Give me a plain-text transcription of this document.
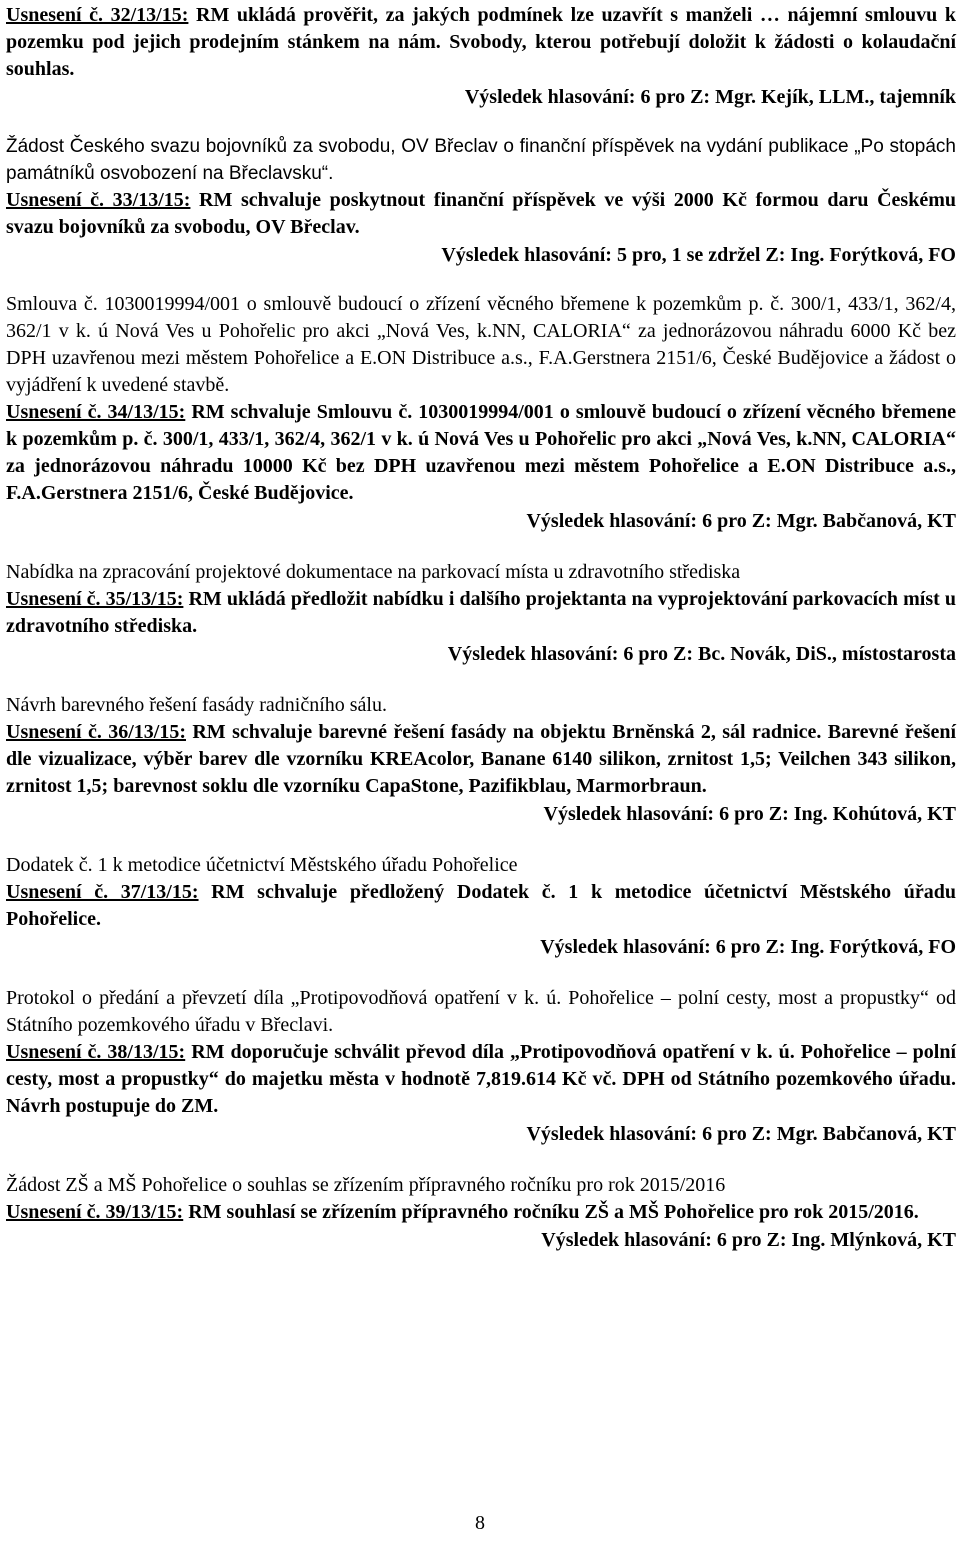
Usnesení č. 32/13/15: RM ukládá prověřit, za jakých podmínek lze uzavřít s manželi … nájemní smlouvu k pozemku pod jejich prodejním stánkem na nám. Svobody, kterou potřebují doložit k žádosti o kolaudační souhlas.

Výsledek hlasování: 6 pro Z: Mgr. Kejík, LLM., tajemník

Žádost Českého svazu bojovníků za svobodu, OV Břeclav o finanční příspěvek na vydání publikace „Po stopách památníků osvobození na Břeclavsku“.

Usnesení č. 33/13/15: RM schvaluje poskytnout finanční příspěvek ve výši 2000 Kč formou daru Českému svazu bojovníků za svobodu, OV Břeclav.

Výsledek hlasování: 5 pro, 1 se zdržel Z: Ing. Forýtková, FO

Smlouva č. 1030019994/001 o smlouvě budoucí o zřízení věcného břemene k pozemkům p. č. 300/1, 433/1, 362/4, 362/1 v k. ú Nová Ves u Pohořelic pro akci „Nová Ves, k.NN, CALORIA“ za jednorázovou náhradu 6000 Kč bez DPH uzavřenou mezi městem Pohořelice a E.ON Distribuce a.s., F.A.Gerstnera 2151/6, České Budějovice a žádost o vyjádření k uvedené stavbě.

Usnesení č. 34/13/15: RM schvaluje Smlouvu č. 1030019994/001 o smlouvě budoucí o zřízení věcného břemene k pozemkům p. č. 300/1, 433/1, 362/4, 362/1 v k. ú Nová Ves u Pohořelic pro akci „Nová Ves, k.NN, CALORIA“ za jednorázovou náhradu 10000 Kč bez DPH uzavřenou mezi městem Pohořelice a E.ON Distribuce a.s., F.A.Gerstnera 2151/6, České Budějovice.

Výsledek hlasování: 6 pro Z: Mgr. Babčanová, KT

Nabídka na zpracování projektové dokumentace na parkovací místa u zdravotního střediska

Usnesení č. 35/13/15: RM ukládá předložit nabídku i dalšího projektanta na vyprojektování parkovacích míst u zdravotního střediska.

Výsledek hlasování: 6 pro Z: Bc. Novák, DiS., místostarosta

Návrh barevného řešení fasády radničního sálu.

Usnesení č. 36/13/15: RM schvaluje barevné řešení fasády na objektu Brněnská 2, sál radnice. Barevné řešení dle vizualizace, výběr barev dle vzorníku KREAcolor, Banane 6140 silikon, zrnitost 1,5; Veilchen 343 silikon, zrnitost 1,5; barevnost soklu dle vzorníku CapaStone, Pazifikblau, Marmorbraun.

Výsledek hlasování: 6 pro Z: Ing. Kohútová, KT

Dodatek č. 1 k metodice účetnictví Městského úřadu Pohořelice

Usnesení č. 37/13/15: RM schvaluje předložený Dodatek č. 1 k metodice účetnictví Městského úřadu Pohořelice.

Výsledek hlasování: 6 pro Z: Ing. Forýtková, FO

Protokol o předání a převzetí díla „Protipovodňová opatření v k. ú. Pohořelice – polní cesty, most a propustky“ od Státního pozemkového úřadu v Břeclavi.

Usnesení č. 38/13/15: RM doporučuje schválit převod díla „Protipovodňová opatření v k. ú. Pohořelice – polní cesty, most a propustky“ do majetku města v hodnotě 7,819.614 Kč vč. DPH od Státního pozemkového úřadu. Návrh postupuje do ZM.

Výsledek hlasování: 6 pro Z: Mgr. Babčanová, KT

Žádost ZŠ a MŠ Pohořelice o souhlas se zřízením přípravného ročníku pro rok 2015/2016

Usnesení č. 39/13/15: RM souhlasí se zřízením přípravného ročníku ZŠ a MŠ Pohořelice pro rok 2015/2016.

Výsledek hlasování: 6 pro Z: Ing. Mlýnková, KT

8
